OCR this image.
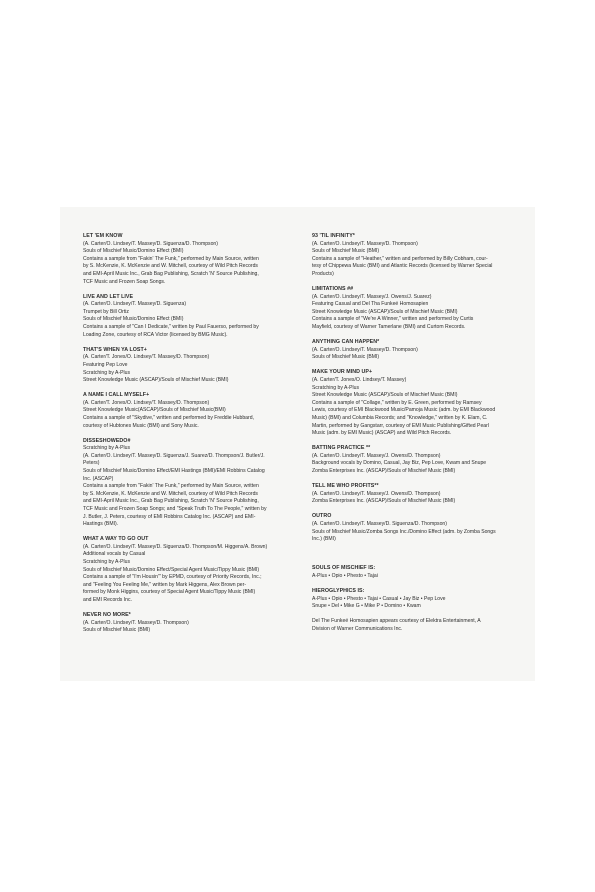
LET 'EM KNOW
(A. Carter/O. Lindsey/T. Massey/D. Siguenza/D. Thompson)
Souls of Mischief Music/Domino Effect (BMI)
Contains a sample from "Fakin' The Funk," performed by Main Source, written
by S. McKenzie, K. McKenzie and W. Mitchell, courtesy of Wild Pitch Records
and EMI-April Music Inc., Grab Bag Publishing, Scratch 'N' Source Publishing,
TCF Music and Frozen Soap Songs.
LIVE AND LET LIVE
(A. Carter/O. Lindsey/T. Massey/D. Siguenza)
Trumpet by Bill Ortiz
Souls of Mischief Music/Domino Effect (BMI)
Contains a sample of "Can I Dedicate," written by Paul Fauerso, performed by
Loading Zone, courtesy of RCA Victor (licensed by BMG Music).
THAT'S WHEN YA LOST+
(A. Carter/T. Jones/O. Lindsey/T. Massey/D. Thompson)
Featuring Pep Love
Scratching by A-Plus
Street Knowledge Music (ASCAP)/Souls of Mischief Music (BMI)
A NAME I CALL MYSELF+
(A. Carter/T. Jones/O. Lindsey/T. Massey/D. Thompson)
Street Knowledge Music(ASCAP)/Souls of Mischief Music(BMI)
Contains a sample of "Skydive," written and performed by Freddie Hubbard,
courtesy of Hubtones Music (BMI) and Sony Music.
DISSESHOWEDO#
Scratching by A-Plus
(A. Carter/O. Lindsey/T. Massey/D. Siguenza/J. Suarez/D. Thompson/J. Butler/J.
Peters)
Souls of Mischief Music/Domino Effect/EMI Hastings (BMI)/EMI Robbins Catalog
Inc. (ASCAP)
Contains a sample from "Fakin' The Funk," performed by Main Source, written
by S. McKenzie, K. McKenzie and W. Mitchell, courtesy of Wild Pitch Records
and EMI-April Music Inc., Grab Bag Publishing, Scratch 'N' Source Publishing,
TCF Music and Frozen Soap Songs; and "Speak Truth To The People," written by
J. Butler, J. Peters, courtesy of EMI Robbins Catalog Inc. (ASCAP) and EMI-
Hastings (BMI).
WHAT A WAY TO GO OUT
(A. Carter/O. Lindsey/T. Massey/D. Siguenza/D. Thompson/M. Higgens/A. Brown)
Additional vocals by Casual
Scratching by A-Plus
Souls of Mischief Music/Domino Effect/Special Agent Music/Tippy Music (BMI)
Contains a sample of "I'm Housin'" by EPMD, courtesy of Priority Records, Inc.;
and "Feeling You Feeling Me," written by Mark Higgens, Alex Brown per-
formed by Monk Higgins, courtesy of Special Agent Music/Tippy Music (BMI)
and EMI Records Inc.
NEVER NO MORE*
(A. Carter/O. Lindsey/T. Massey/D. Thompson)
Souls of Mischief Music (BMI)
93 'TIL INFINITY*
(A. Carter/O. Lindsey/T. Massey/D. Thompson)
Souls of Mischief Music (BMI)
Contains a sample of "Heather," written and performed by Billy Cobham, cour-
tesy of Chippewa Music (BMI) and Atlantic Records (licensed by Warner Special
Products)
LIMITATIONS ##
(A. Carter/O. Lindsey/T. Massey/J. Owens/J. Suarez)
Featuring Casual and Del Tha Funkeé Homosapien
Street Knowledge Music (ASCAP)/Souls of Mischief Music (BMI)
Contains a sample of "We're A Winner," written and performed by Curtis
Mayfield, courtesy of Warner Tamerlane (BMI) and Curtom Records.
ANYTHING CAN HAPPEN*
(A. Carter/O. Lindsey/T. Massey/D. Thompson)
Souls of Mischief Music (BMI)
MAKE YOUR MIND UP+
(A. Carter/T. Jones/O. Lindsey/T. Massey)
Scratching by A-Plus
Street Knowledge Music (ASCAP)/Souls of Mischief Music (BMI)
Contains a sample of "Collage," written by E. Green, performed by Ramsey
Lewis, courtesy of EMI Blackwood Music/Pamoja Music (adm. by EMI Blackwood
Music) (BMI) and Columbia Records; and "Knowledge," written by K. Elam, C.
Martin, performed by Gangstarr, courtesy of EMI Music Publishing/Gifted Pearl
Music (adm. by EMI Music) (ASCAP) and Wild Pitch Records.
BATTING PRACTICE **
(A. Carter/O. Lindsey/T. Massey/J. Owens/D. Thompson)
Background vocals by Domino, Casual, Jay Biz, Pep Love, Kwam and Snupe
Zomba Enterprises Inc. (ASCAP)/Souls of Mischief Music (BMI)
TELL ME WHO PROFITS**
(A. Carter/O. Lindsey/T. Massey/J. Owens/D. Thompson)
Zomba Enterprises Inc. (ASCAP)/Souls of Mischief Music (BMI)
OUTRO
(A. Carter/O. Lindsey/T. Massey/D. Siguenza/D. Thompson)
Souls of Mischief Music/Zomba Songs Inc./Domino Effect (adm. by Zomba Songs
Inc.) (BMI)
SOULS OF MISCHIEF IS:
A-Plus • Opio • Phesto • Tajai
HIEROGLYPHICS IS:
A-Plus • Opio • Phesto • Tajai • Casual • Jay Biz • Pep Love
Snupe • Del • Mike G • Mike P • Domino • Kwam
Del The Funkeé Homosapien appears courtesy of Elektra Entertainment, A
Division of Warner Communications Inc.
